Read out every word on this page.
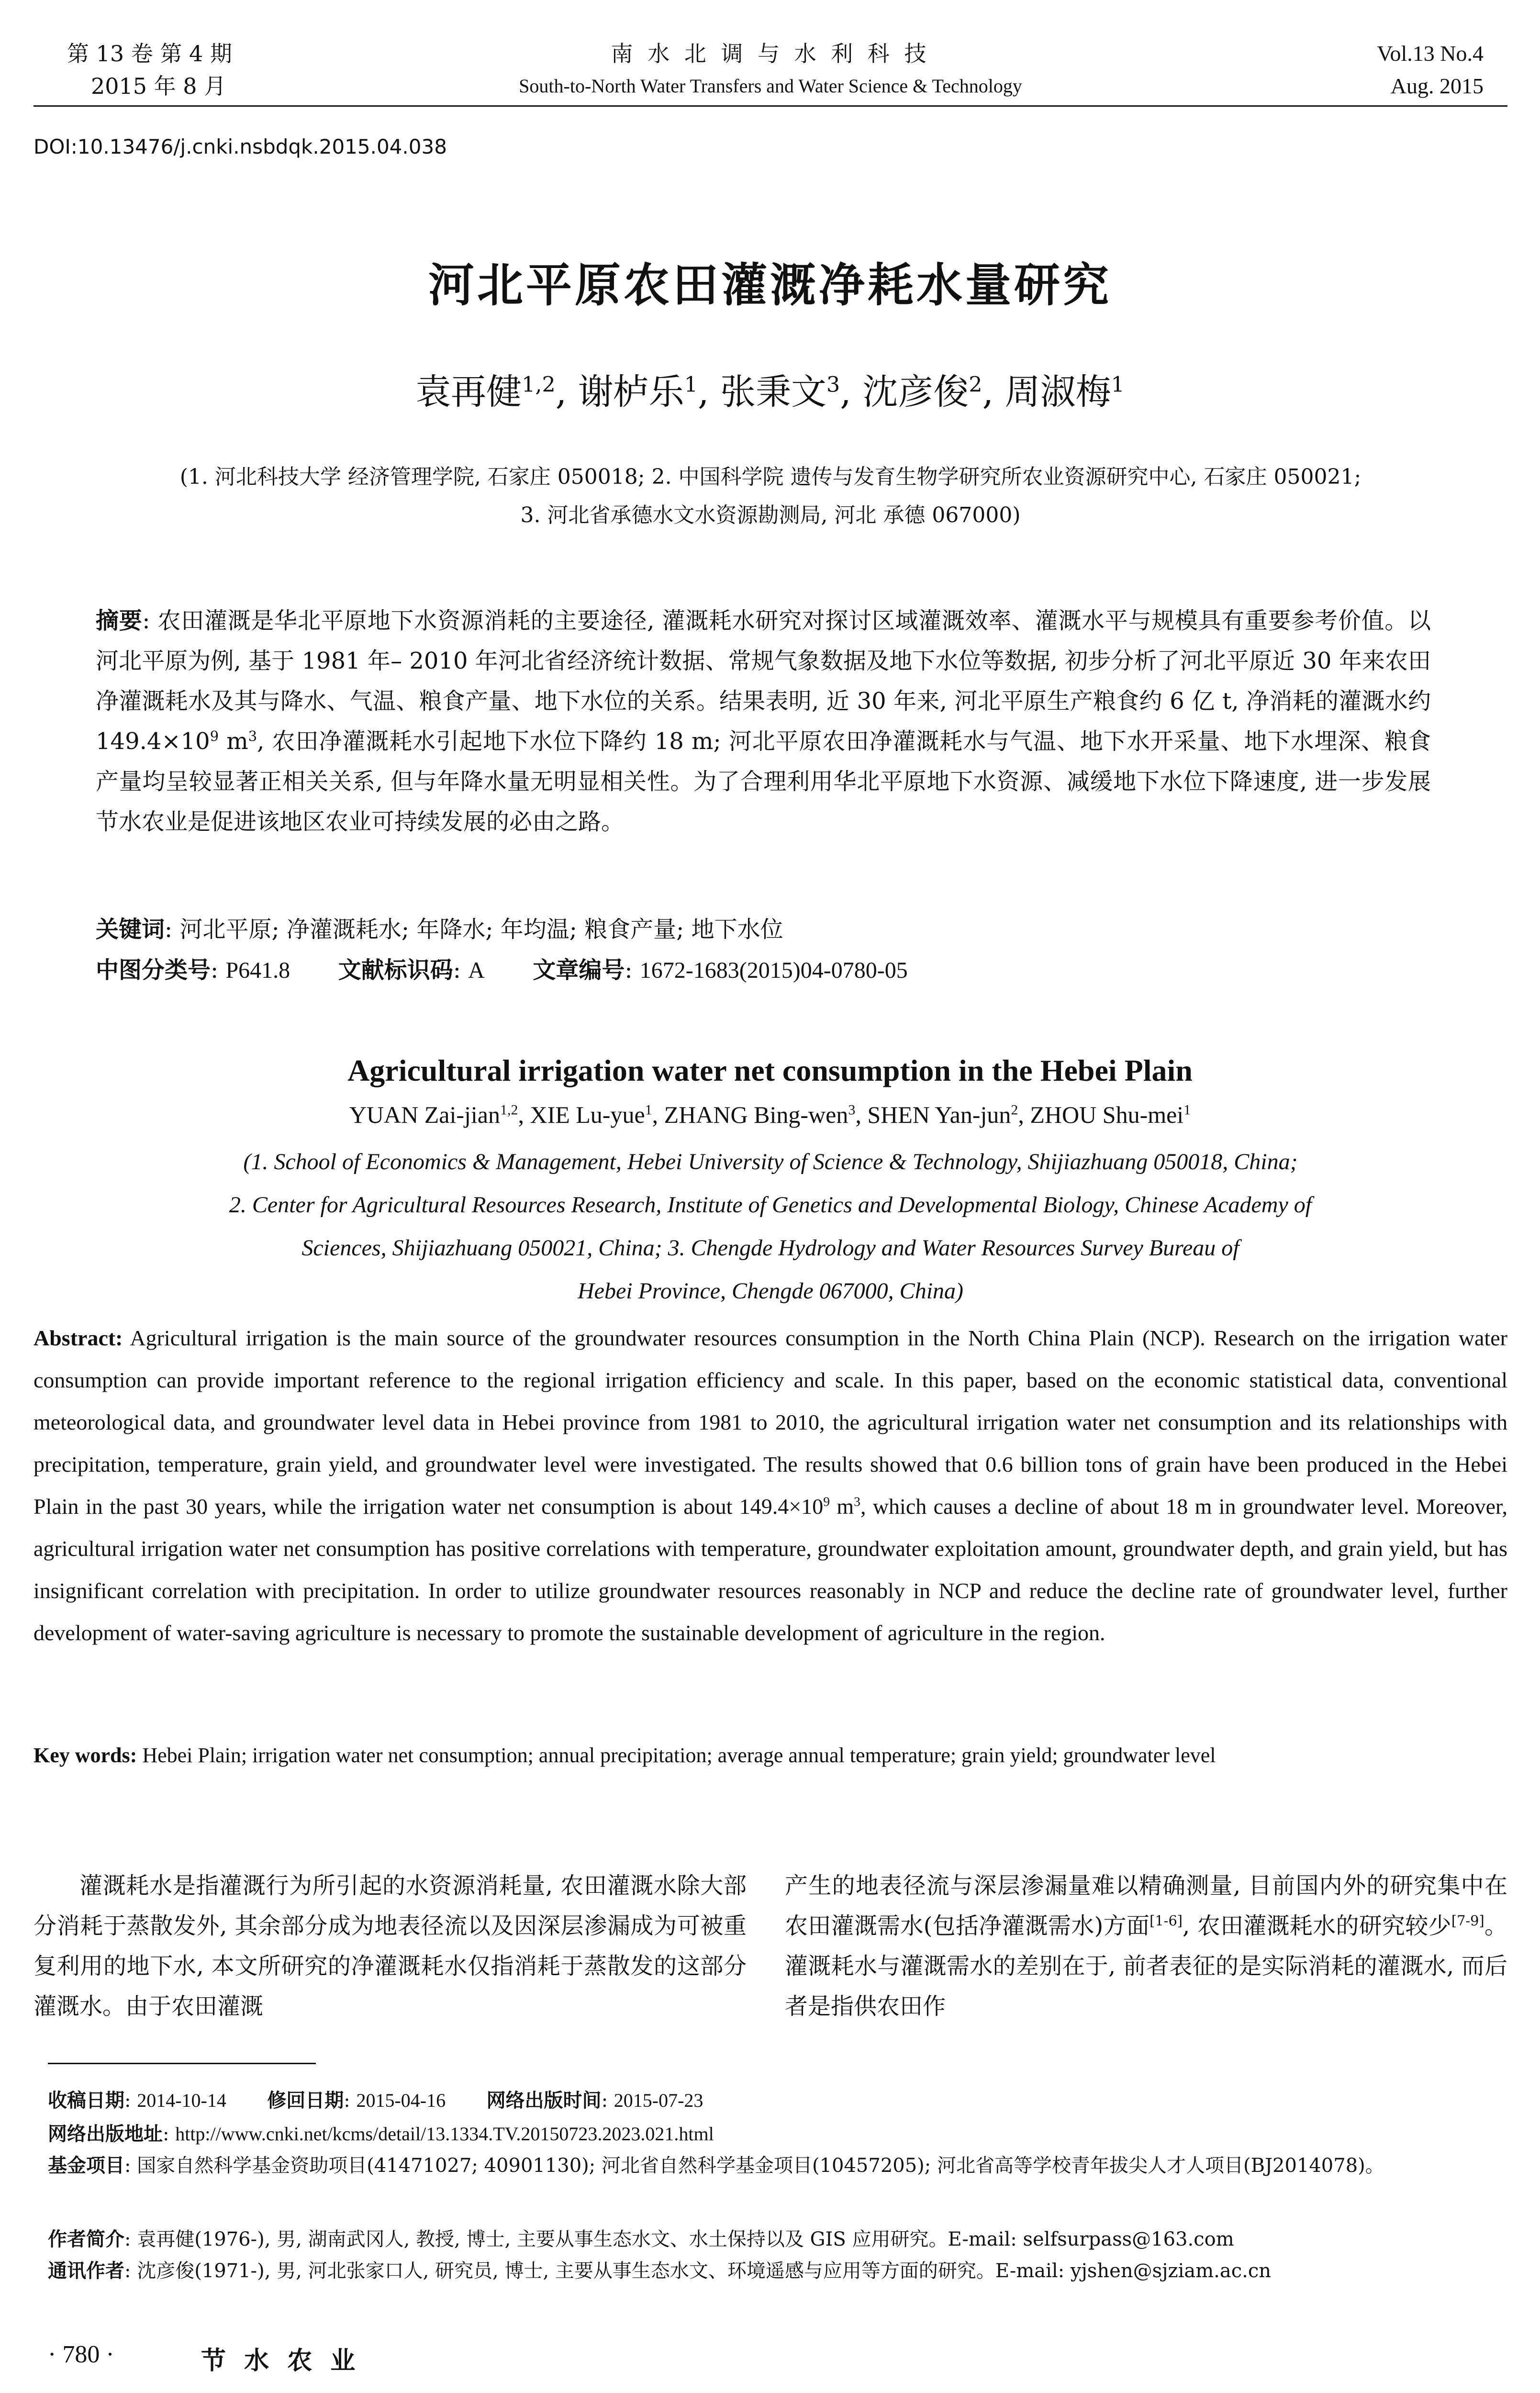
第 13 卷 第 4 期
2015 年 8 月
南 水 北 调 与 水 利 科 技
South-to-North Water Transfers and Water Science & Technology
Vol.13 No.4
Aug. 2015
DOI:10.13476/j.cnki.nsbdqk.2015.04.038
河北平原农田灌溉净耗水量研究
袁再健$^{1,2}$, 谢栌乐$^1$, 张秉文$^3$, 沈彦俊$^2$, 周淑梅$^1$
(1. 河北科技大学 经济管理学院, 石家庄 050018; 2. 中国科学院 遗传与发育生物学研究所农业资源研究中心, 石家庄 050021;
3. 河北省承德水文水资源勘测局, 河北 承德 067000)
摘要: 农田灌溉是华北平原地下水资源消耗的主要途径, 灌溉耗水研究对探讨区域灌溉效率、灌溉水平与规模具有重要参考价值。以河北平原为例, 基于 1981 年– 2010 年河北省经济统计数据、常规气象数据及地下水位等数据, 初步分析了河北平原近 30 年来农田净灌溉耗水及其与降水、气温、粮食产量、地下水位的关系。结果表明, 近 30 年来, 河北平原生产粮食约 6 亿 t, 净消耗的灌溉水约 $149.4\times 10^9$ $m^3$, 农田净灌溉耗水引起地下水位下降约 18 m; 河北平原农田净灌溉耗水与气温、地下水开采量、地下水埋深、粮食产量均呈较显著正相关关系, 但与年降水量无明显相关性。为了合理利用华北平原地下水资源、减缓地下水位下降速度, 进一步发展节水农业是促进该地区农业可持续发展的必由之路。
关键词: 河北平原; 净灌溉耗水; 年降水; 年均温; 粮食产量; 地下水位
中图分类号: P641.8 文献标识码: A 文章编号: 1672-1683(2015)04-0780-05
Agricultural irrigation water net consumption in the Hebei Plain
YUAN Zai-jian$^{1,2}$, XIE Lu-yue$^1$, ZHANG Bing-wen$^3$, SHEN Yan-jun$^2$, ZHOU Shu-mei$^1$
(1. School of Economics & Management, Hebei University of Science & Technology, Shijiazhuang 050018, China;
2. Center for Agricultural Resources Research, Institute of Genetics and Developmental Biology, Chinese Academy of
Sciences, Shijiazhuang 050021, China; 3. Chengde Hydrology and Water Resources Survey Bureau of
Hebei Province, Chengde 067000, China)
Abstract: Agricultural irrigation is the main source of the groundwater resources consumption in the North China Plain (NCP). Research on the irrigation water consumption can provide important reference to the regional irrigation efficiency and scale. In this paper, based on the economic statistical data, conventional meteorological data, and groundwater level data in Hebei province from 1981 to 2010, the agricultural irrigation water net consumption and its relationships with precipitation, temperature, grain yield, and groundwater level were investigated. The results showed that 0.6 billion tons of grain have been produced in the Hebei Plain in the past 30 years, while the irrigation water net consumption is about $149.4\times 10^9$ $m^3$, which causes a decline of about 18 m in groundwater level. Moreover, agricultural irrigation water net consumption has positive correlations with temperature, groundwater exploitation amount, groundwater depth, and grain yield, but has insignificant correlation with precipitation. In order to utilize groundwater resources reasonably in NCP and reduce the decline rate of groundwater level, further development of water-saving agriculture is necessary to promote the sustainable development of agriculture in the region.
Key words: Hebei Plain; irrigation water net consumption; annual precipitation; average annual temperature; grain yield; groundwater level
灌溉耗水是指灌溉行为所引起的水资源消耗量, 农田灌溉水除大部分消耗于蒸散发外, 其余部分成为地表径流以及因深层渗漏成为可被重复利用的地下水, 本文所研究的净灌溉耗水仅指消耗于蒸散发的这部分灌溉水。由于农田灌溉
产生的地表径流与深层渗漏量难以精确测量, 目前国内外的研究集中在农田灌溉需水(包括净灌溉需水)方面[1-6], 农田灌溉耗水的研究较少[7-9]。灌溉耗水与灌溉需水的差别在于, 前者表征的是实际消耗的灌溉水, 而后者是指供农田作
收稿日期: 2014-10-14 修回日期: 2015-04-16 网络出版时间: 2015-07-23
网络出版地址: http://www.cnki.net/kcms/detail/13.1334.TV.20150723.2023.021.html
基金项目: 国家自然科学基金资助项目(41471027; 40901130); 河北省自然科学基金项目(10457205); 河北省高等学校青年拔尖人才人项目(BJ2014078)。
作者简介: 袁再健(1976-), 男, 湖南武冈人, 教授, 博士, 主要从事生态水文、水土保持以及 GIS 应用研究。E-mail: selfsurpass@163.com
通讯作者: 沈彦俊(1971-), 男, 河北张家口人, 研究员, 博士, 主要从事生态水文、环境遥感与应用等方面的研究。E-mail: yjshen@sjziam.ac.cn
· 780 ·	节 水 农 业
